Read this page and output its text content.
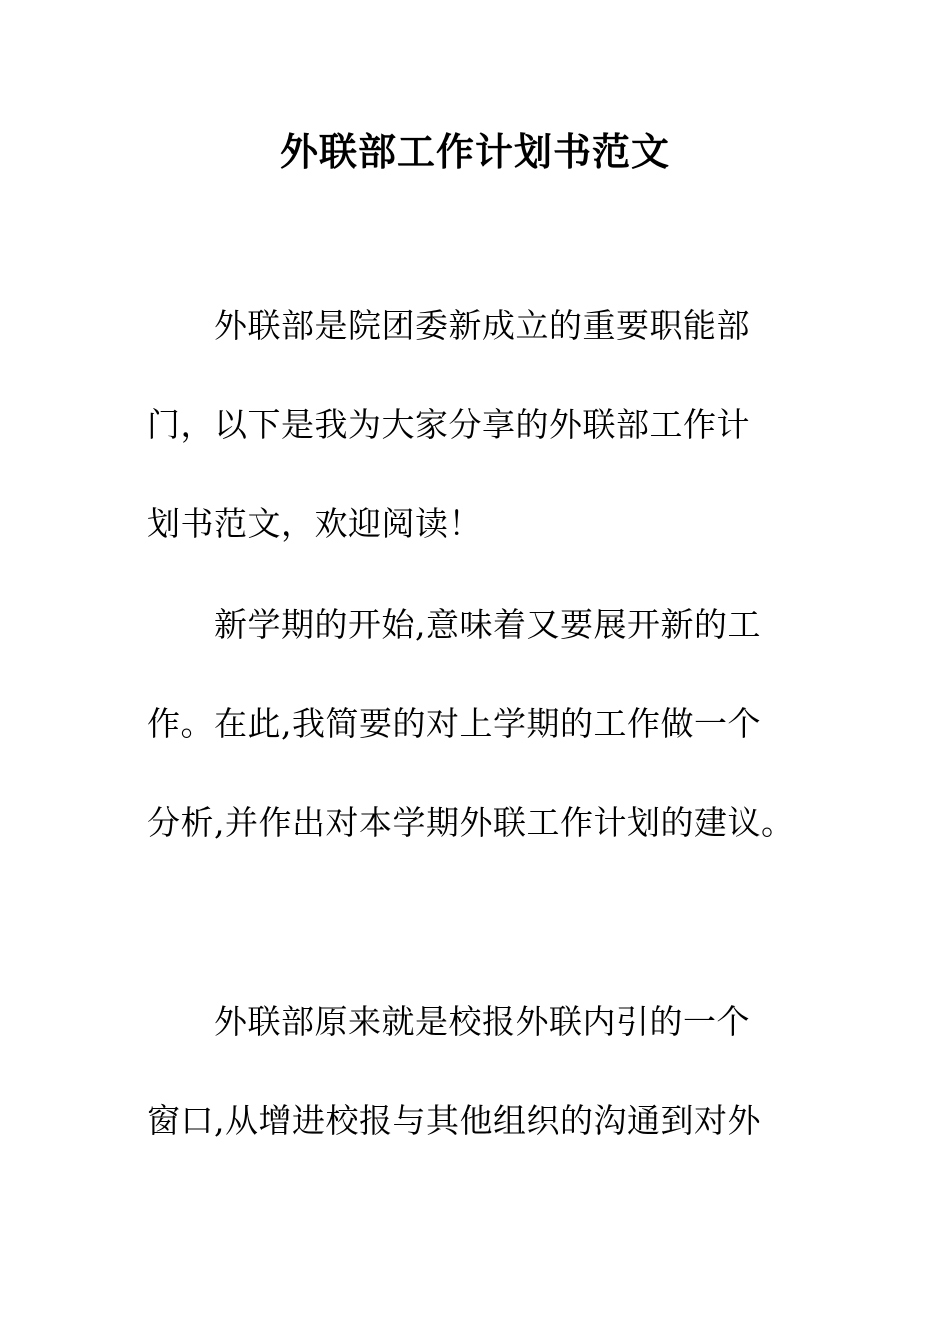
外联部工作计划书范文
外联部是院团委新成立的重要职能部
门，以下是我为大家分享的外联部工作计
划书范文，欢迎阅读！
新学期的开始,意味着又要展开新的工
作。在此,我简要的对上学期的工作做一个
分析,并作出对本学期外联工作计划的建议。
外联部原来就是校报外联内引的一个
窗口,从增进校报与其他组织的沟通到对外
